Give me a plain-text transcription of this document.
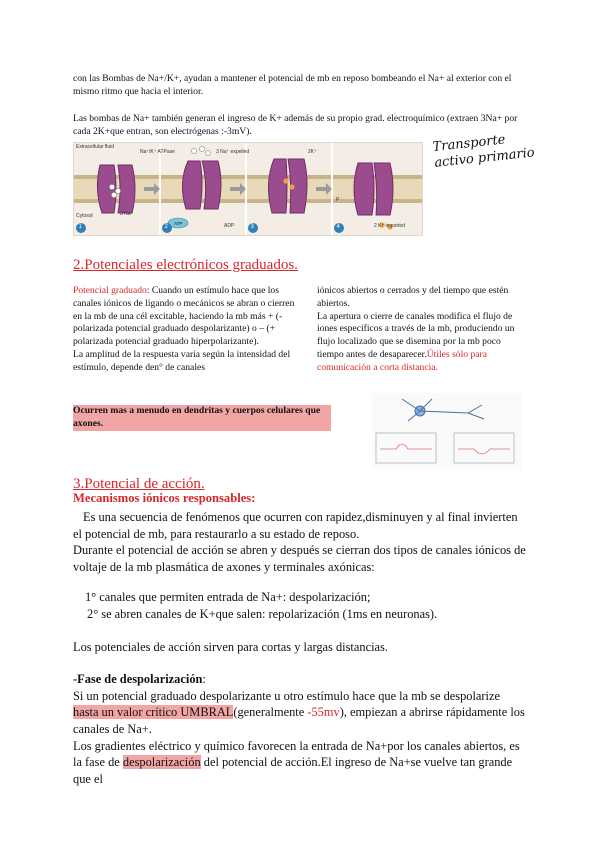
con las Bombas de Na+/K+, ayudan a mantener el potencial de mb en reposo bombeando el Na+ al exterior con el mismo ritmo que hacia el interior.

Las bombas de Na+ también generan el ingreso de K+ además de su propio grad. electroquímico (extraen 3Na+ por cada 2K+que entran, son electrógenas :-3mV).

Extracellular fluid
Na⁺/K⁺ ATPase	3 Na⁺ expelled	2K⁺
Cytosol	3 Na⁺
ATP	ADP
P
2 K⁺ imported
1	2	3	4
Transporte activo primario
2.Potenciales electrónicos graduados.

Potencial graduado: Cuando un estímulo hace que los canales iónicos de ligando o mecánicos se abran o cierren en la mb de una cél excitable, haciendo la mb más + (- polarizada potencial graduado despolarizante) o – (+ polarizada potencial graduado hiperpolarizante).

La amplitud de la respuesta varía según la intensidad del estímulo, depende den° de canales

iónicos abiertos o cerrados y del tiempo que estén abiertos.

La apertura o cierre de canales modifica el flujo de iones específicos a través de la mb, produciendo un flujo localizado que se disemina por la mb poco tiempo antes de desaparecer.Útiles sólo para comunicación a corta distancia.

Ocurren mas a menudo en dendritas y cuerpos celulares que axones.

3.Potencial de acción.

Mecanismos iónicos responsables:

Es una secuencia de fenómenos que ocurren con rapidez,disminuyen y al final invierten el potencial de mb, para restaurarlo a su estado de reposo.

Durante el potencial de acción se abren y después se cierran dos tipos de canales iónicos de voltaje de la mb plasmática de axones y terminales axónicas:

1° canales que permiten entrada de Na+: despolarización;

2° se abren canales de K+que salen: repolarización (1ms en neuronas).

Los potenciales de acción sirven para cortas y largas distancias.

-Fase de despolarización:

Si un potencial graduado despolarizante u otro estímulo hace que la mb se despolarize hasta un valor crítico UMBRAL(generalmente -55mv), empiezan a abrirse rápidamente los canales de Na+.

Los gradientes eléctrico y químico favorecen la entrada de Na+por los canales abiertos, es la fase de despolarización del potencial de acción.El ingreso de Na+se vuelve tan grande que el
